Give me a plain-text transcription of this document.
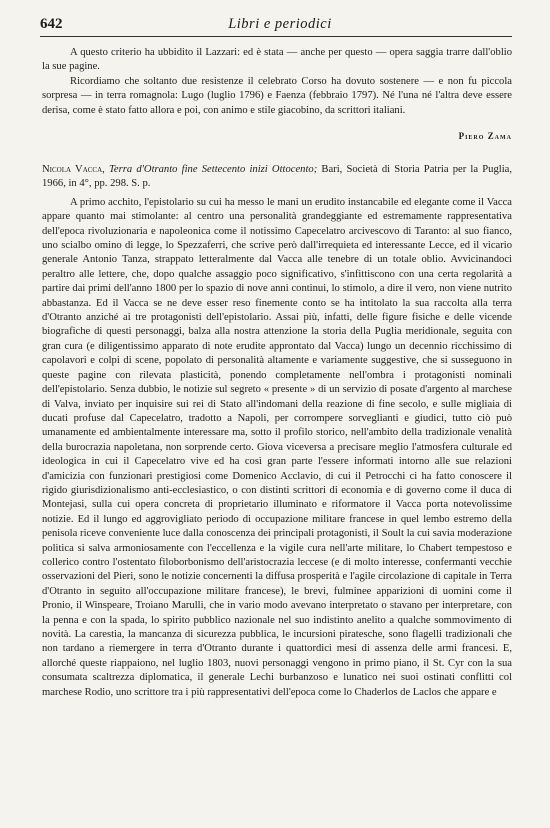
642	Libri e periodici

A questo criterio ha ubbidito il Lazzari: ed è stata — anche per questo — opera saggia trarre dall'oblio la sue pagine.

Ricordiamo che soltanto due resistenze il celebrato Corso ha dovuto sostenere — e non fu piccola sorpresa — in terra romagnola: Lugo (luglio 1796) e Faenza (febbraio 1797). Né l'una né l'altra deve essere derisa, come è stato fatto allora e poi, con animo e stile giacobino, da scrittori italiani.

Piero Zama

Nicola Vacca, Terra d'Otranto fine Settecento inizi Ottocento; Bari, Società di Storia Patria per la Puglia, 1966, in 4°, pp. 298. S. p.

A primo acchito, l'epistolario su cui ha messo le mani un erudito instancabile ed elegante come il Vacca appare quanto mai stimolante: al centro una personalità grandeggiante ed estremamente rappresentativa dell'epoca rivoluzionaria e napoleonica come il notissimo Capecelatro arcivescovo di Taranto: al suo fianco, uno scialbo omino di legge, lo Spezzaferri, che scrive però dall'irrequieta ed interessante Lecce, ed il vicario generale Antonio Tanza, strappato letteralmente dal Vacca alle tenebre di un totale oblio. Avvicinandoci peraltro alle lettere, che, dopo qualche assaggio poco significativo, s'infittiscono con una certa regolarità a partire dai primi dell'anno 1800 per lo spazio di nove anni continui, lo stimolo, a dire il vero, non viene nutrito abbastanza. Ed il Vacca se ne deve esser reso finemente conto se ha intitolato la sua raccolta alla terra d'Otranto anziché ai tre protagonisti dell'epistolario. Assai più, infatti, delle figure fisiche e delle vicende biografiche di questi personaggi, balza alla nostra attenzione la storia della Puglia meridionale, seguita con gran cura (e diligentissimo apparato di note erudite approntato dal Vacca) lungo un decennio ricchissimo di capolavori e colpi di scene, popolato di personalità altamente e variamente suggestive, che si susseguono in queste pagine con rilevata plasticità, ponendo completamente nell'ombra i protagonisti nominali dell'epistolario. Senza dubbio, le notizie sul segreto « presente » di un servizio di posate d'argento al marchese di Valva, inviato per inquisire sui rei di Stato all'indomani della reazione di fine secolo, e sulle migliaia di ducati profuse dal Capecelatro, tradotto a Napoli, per corrompere sorveglianti e giudici, tutto ciò può umanamente ed ambientalmente interessare ma, sotto il profilo storico, nell'ambito della tradizionale venalità della burocrazia napoletana, non sorprende certo. Giova viceversa a precisare meglio l'atmosfera culturale ed ideologica in cui il Capecelatro vive ed ha così gran parte l'essere informati intorno alle sue relazioni d'amicizia con funzionari prestigiosi come Domenico Acclavio, di cui il Petrocchi ci ha fatto conoscere il rigido giurisdizionalismo anti-ecclesiastico, o con distinti scrittori di economia e di governo come il duca di Montejasi, sulla cui opera concreta di proprietario illuminato e riformatore il Vacca porta notevolissime notizie. Ed il lungo ed aggrovigliato periodo di occupazione militare francese in quel lembo estremo della penisola riceve conveniente luce dalla conoscenza dei principali protagonisti, il Soult la cui savia moderazione politica si salva armoniosamente con l'eccellenza e la vigile cura nell'arte militare, lo Chabert tempestoso e collerico contro l'ostentato filoborbonismo dell'aristocrazia leccese (e di molto interesse, confermanti vecchie osservazioni del Pieri, sono le notizie concernenti la diffusa prosperità e l'agile circolazione di capitale in Terra d'Otranto in seguito all'occupazione militare francese), le brevi, fulminee apparizioni di uomini come il Pronio, il Winspeare, Troiano Marulli, che in vario modo avevano interpretato o stavano per interpretare, con la penna e con la spada, lo spirito pubblico nazionale nel suo indistinto anelito a qualche sommovimento di novità. La carestia, la mancanza di sicurezza pubblica, le incursioni piratesche, sono flagelli tradizionali che non tardano a riemergere in terra d'Otranto durante i quattordici mesi di assenza delle armi francesi. E, allorché queste riappaiono, nel luglio 1803, nuovi personaggi vengono in primo piano, il St. Cyr con la sua consumata scaltrezza diplomatica, il generale Lechi burbanzoso e lunatico nei suoi ostinati conflitti col marchese Rodio, uno scrittore tra i più rappresentativi dell'epoca come lo Chaderlos de Laclos che appare e
